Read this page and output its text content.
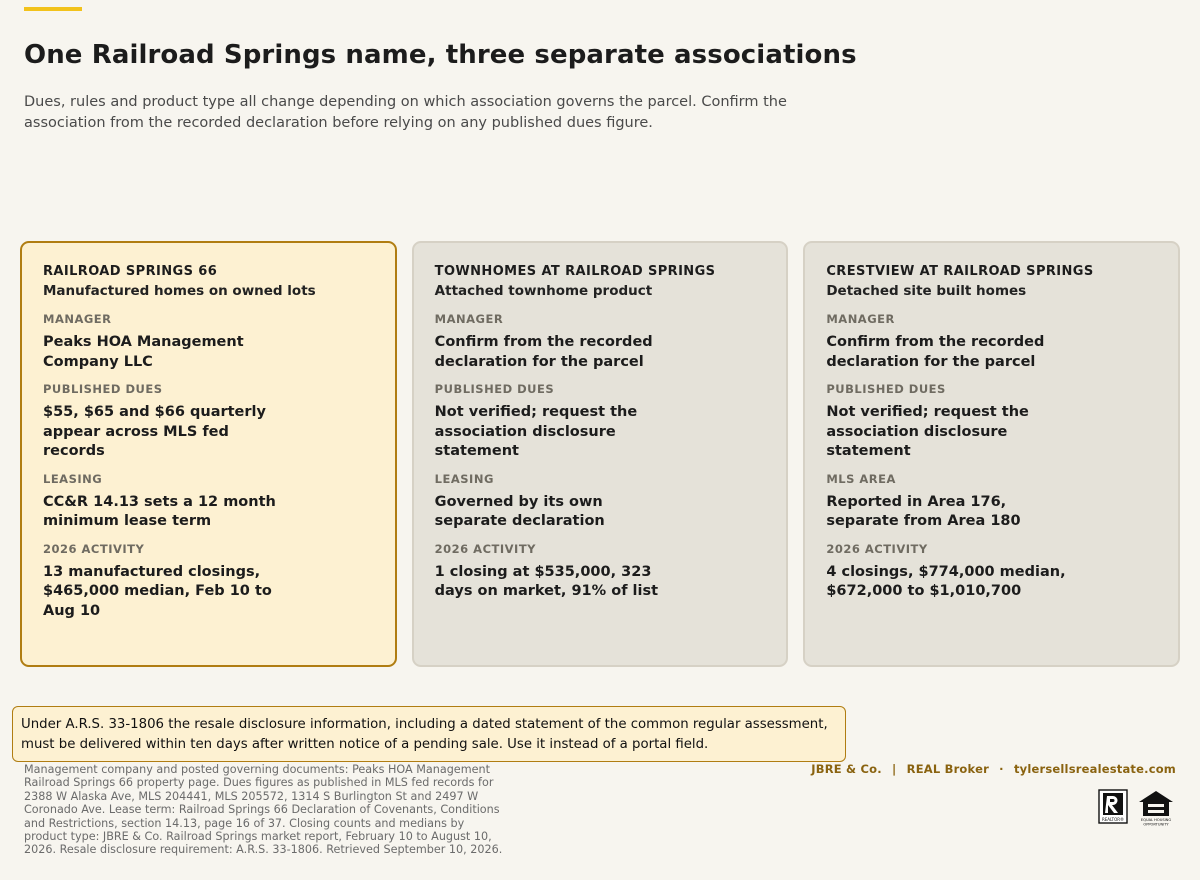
One Railroad Springs name, three separate associations

Dues, rules and product type all change depending on which association governs the parcel. Confirm the association from the recorded declaration before relying on any published dues figure.

RAILROAD SPRINGS 66
Manufactured homes on owned lots
MANAGER
Peaks HOA Management Company LLC
PUBLISHED DUES
$55, $65 and $66 quarterly appear across MLS fed records
LEASING
CC&R 14.13 sets a 12 month minimum lease term
2026 ACTIVITY
13 manufactured closings, $465,000 median, Feb 10 to Aug 10
TOWNHOMES AT RAILROAD SPRINGS
Attached townhome product
MANAGER
Confirm from the recorded declaration for the parcel
PUBLISHED DUES
Not verified; request the association disclosure statement
LEASING
Governed by its own separate declaration
2026 ACTIVITY
1 closing at $535,000, 323 days on market, 91% of list
CRESTVIEW AT RAILROAD SPRINGS
Detached site built homes
MANAGER
Confirm from the recorded declaration for the parcel
PUBLISHED DUES
Not verified; request the association disclosure statement
MLS AREA
Reported in Area 176, separate from Area 180
2026 ACTIVITY
4 closings, $774,000 median, $672,000 to $1,010,700
Under A.R.S. 33-1806 the resale disclosure information, including a dated statement of the common regular assessment, must be delivered within ten days after written notice of a pending sale. Use it instead of a portal field.
Management company and posted governing documents: Peaks HOA Management Railroad Springs 66 property page. Dues figures as published in MLS fed records for 2388 W Alaska Ave, MLS 204441, MLS 205572, 1314 S Burlington St and 2497 W Coronado Ave. Lease term: Railroad Springs 66 Declaration of Covenants, Conditions and Restrictions, section 14.13, page 16 of 37. Closing counts and medians by product type: JBRE & Co. Railroad Springs market report, February 10 to August 10, 2026. Resale disclosure requirement: A.R.S. 33-1806. Retrieved September 10, 2026.
JBRE & Co. | REAL Broker · tylersellsrealestate.com
REALTOR®	EQUAL HOUSING
OPPORTUNITY
